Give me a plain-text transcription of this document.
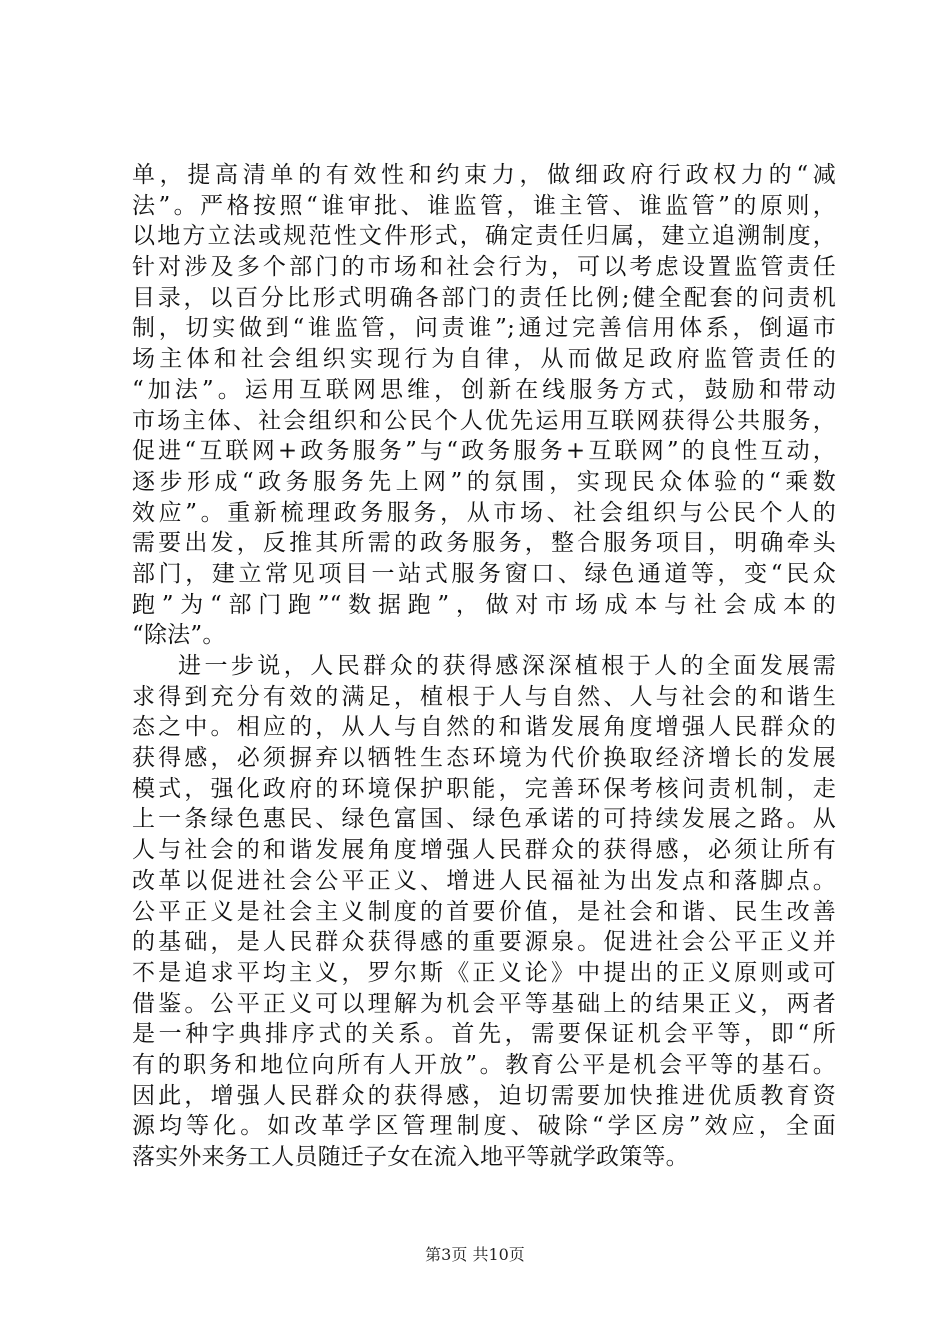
单，提高清单的有效性和约束力，做细政府行政权力的“减
法”。严格按照“谁审批、谁监管，谁主管、谁监管”的原则，
以地方立法或规范性文件形式，确定责任归属，建立追溯制度，
针对涉及多个部门的市场和社会行为，可以考虑设置监管责任
目录，以百分比形式明确各部门的责任比例;健全配套的问责机
制，切实做到“谁监管，问责谁”;通过完善信用体系，倒逼市
场主体和社会组织实现行为自律，从而做足政府监管责任的
“加法”。运用互联网思维，创新在线服务方式，鼓励和带动
市场主体、社会组织和公民个人优先运用互联网获得公共服务，
促进“互联网+政务服务”与“政务服务+互联网”的良性互动，
逐步形成“政务服务先上网”的氛围，实现民众体验的“乘数
效应”。重新梳理政务服务，从市场、社会组织与公民个人的
需要出发，反推其所需的政务服务，整合服务项目，明确牵头
部门，建立常见项目一站式服务窗口、绿色通道等，变“民众
跑”为“部门跑”“数据跑”，做对市场成本与社会成本的
“除法”。
进一步说，人民群众的获得感深深植根于人的全面发展需
求得到充分有效的满足，植根于人与自然、人与社会的和谐生
态之中。相应的，从人与自然的和谐发展角度增强人民群众的
获得感，必须摒弃以牺牲生态环境为代价换取经济增长的发展
模式，强化政府的环境保护职能，完善环保考核问责机制，走
上一条绿色惠民、绿色富国、绿色承诺的可持续发展之路。从
人与社会的和谐发展角度增强人民群众的获得感，必须让所有
改革以促进社会公平正义、增进人民福祉为出发点和落脚点。
公平正义是社会主义制度的首要价值，是社会和谐、民生改善
的基础，是人民群众获得感的重要源泉。促进社会公平正义并
不是追求平均主义，罗尔斯《正义论》中提出的正义原则或可
借鉴。公平正义可以理解为机会平等基础上的结果正义，两者
是一种字典排序式的关系。首先，需要保证机会平等，即“所
有的职务和地位向所有人开放”。教育公平是机会平等的基石。
因此，增强人民群众的获得感，迫切需要加快推进优质教育资
源均等化。如改革学区管理制度、破除“学区房”效应，全面
落实外来务工人员随迁子女在流入地平等就学政策等。
第3页 共10页
